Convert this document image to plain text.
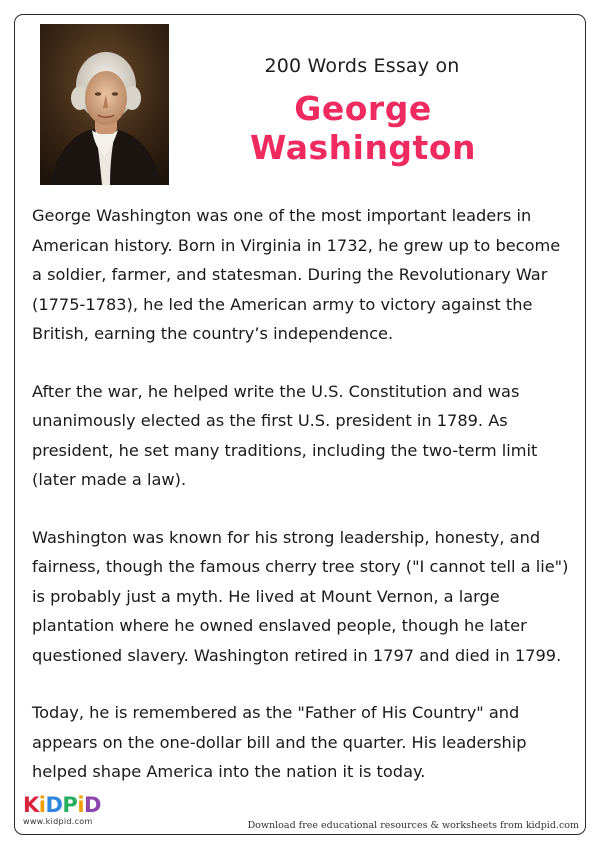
200 Words Essay on
George Washington

George Washington was one of the most important leaders in American history. Born in Virginia in 1732, he grew up to become a soldier, farmer, and statesman. During the Revolutionary War (1775-1783), he led the American army to victory against the British, earning the country’s independence.

After the war, he helped write the U.S. Constitution and was unanimously elected as the first U.S. president in 1789. As president, he set many traditions, including the two-term limit (later made a law).

Washington was known for his strong leadership, honesty, and fairness, though the famous cherry tree story ("I cannot tell a lie") is probably just a myth. He lived at Mount Vernon, a large plantation where he owned enslaved people, though he later questioned slavery. Washington retired in 1797 and died in 1799.

Today, he is remembered as the "Father of His Country" and appears on the one-dollar bill and the quarter. His leadership helped shape America into the nation it is today.

KiDPiD
www.kidpid.com	Download free educational resources & worksheets from kidpid.com
